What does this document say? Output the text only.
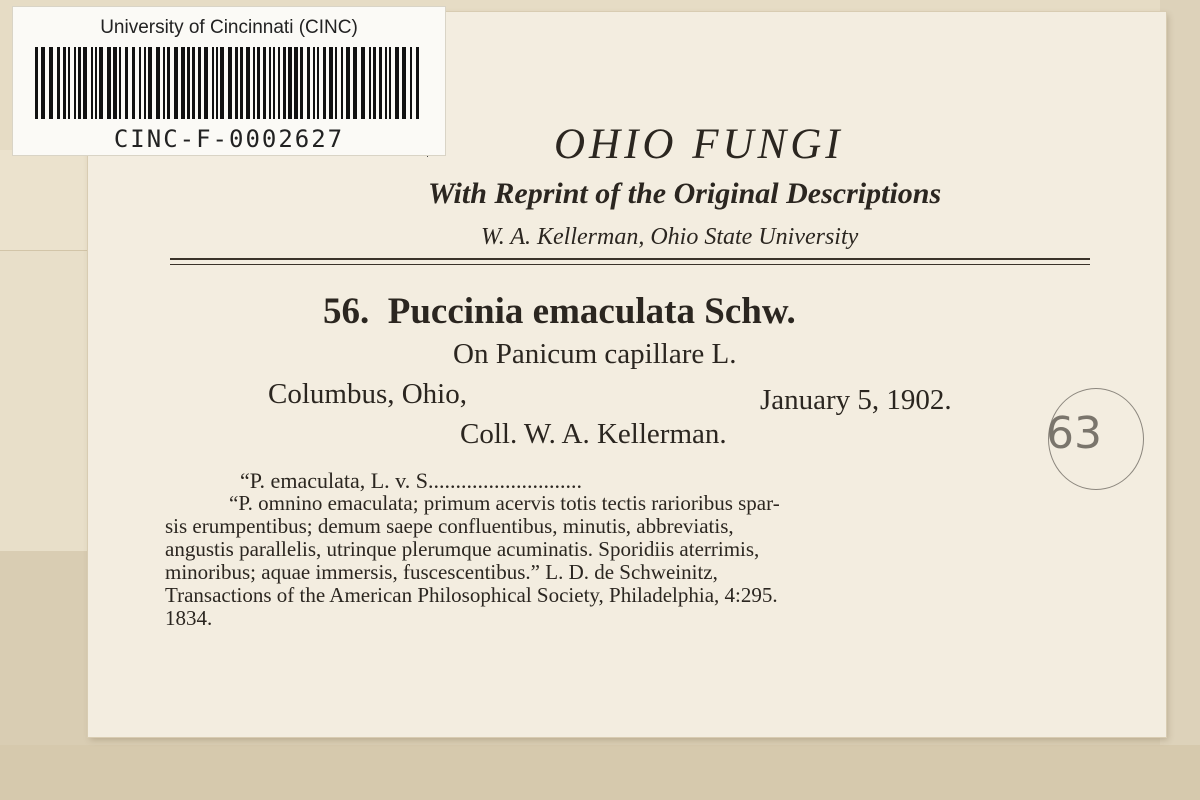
OHIO FUNGI
With Reprint of the Original Descriptions
W. A. Kellerman, Ohio State University
56.  Puccinia emaculata Schw.
On Panicum capillare L.
Columbus, Ohio,	January 5, 1902.
Coll. W. A. Kellerman.
“P. emaculata, L. v. S............................
“P. omnino emaculata; primum acervis totis tectis rarioribus spar-
sis erumpentibus; demum saepe confluentibus, minutis, abbreviatis,
angustis parallelis, utrinque plerumque acuminatis. Sporidiis aterrimis,
minoribus; aquae immersis, fuscescentibus.” L. D. de Schweinitz,
Transactions of the American Philosophical Society, Philadelphia, 4:295.
1834.
63
University of Cincinnati (CINC)
CINC-F-0002627
